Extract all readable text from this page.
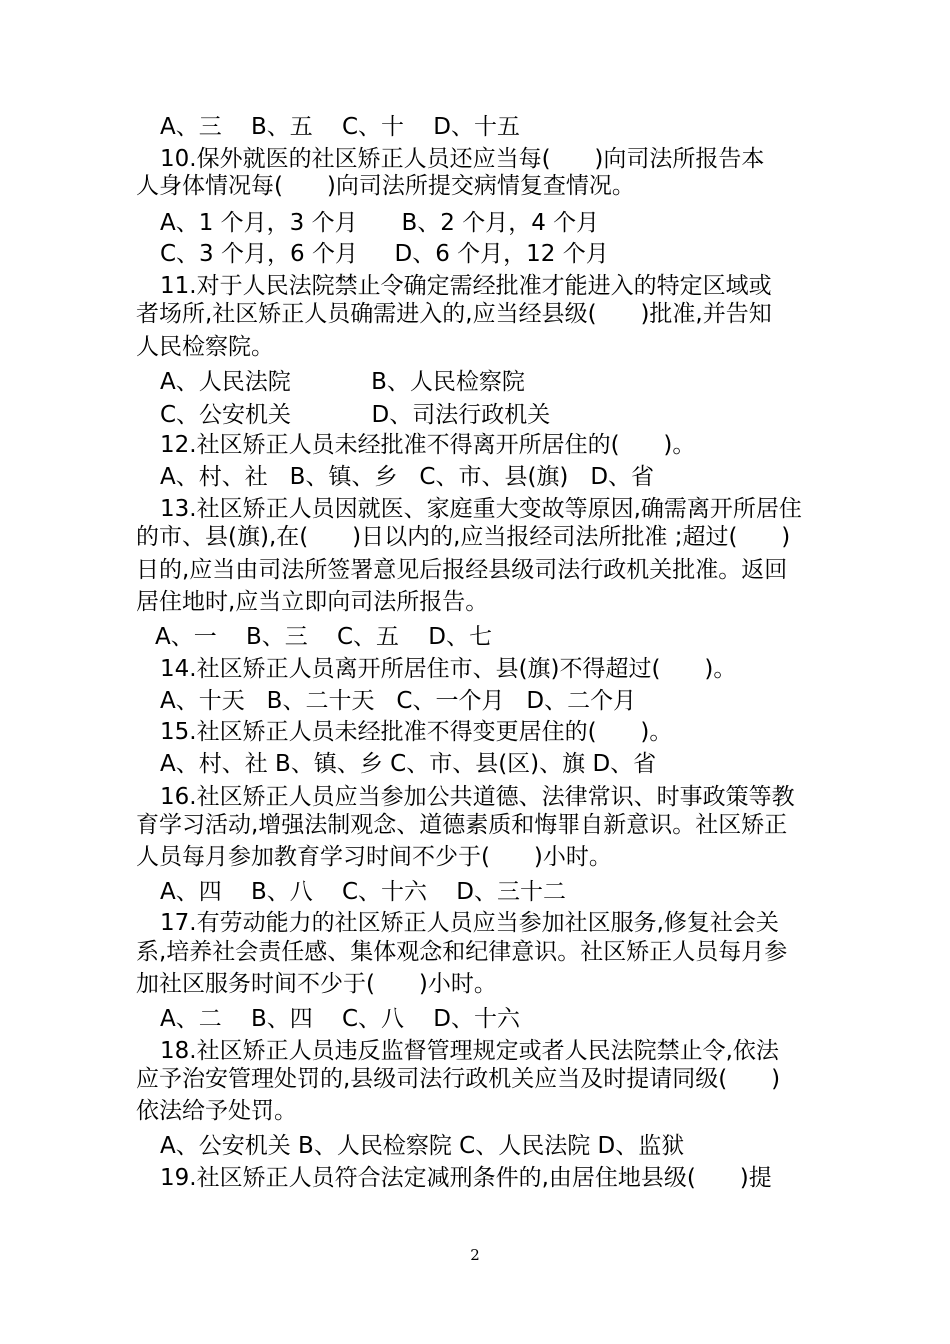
A、三    B、五    C、十    D、十五
10.保外就医的社区矫正人员还应当每(      )向司法所报告本
人身体情况每(      )向司法所提交病情复查情况。
A、1 个月，3 个月      B、2 个月，4 个月
C、3 个月，6 个月     D、6 个月，12 个月
11.对于人民法院禁止令确定需经批准才能进入的特定区域或
者场所,社区矫正人员确需进入的,应当经县级(      )批准,并告知
人民检察院。
A、人民法院           B、人民检察院
C、公安机关           D、司法行政机关
12.社区矫正人员未经批准不得离开所居住的(      )。
A、村、社   B、镇、乡   C、市、县(旗)   D、省
13.社区矫正人员因就医、家庭重大变故等原因,确需离开所居住
的市、县(旗),在(      )日以内的,应当报经司法所批准 ;超过(      )
日的,应当由司法所签署意见后报经县级司法行政机关批准。返回
居住地时,应当立即向司法所报告。
A、一    B、三    C、五    D、七
14.社区矫正人员离开所居住市、县(旗)不得超过(      )。
A、十天   B、二十天   C、一个月   D、二个月
15.社区矫正人员未经批准不得变更居住的(      )。
A、村、社 B、镇、乡 C、市、县(区)、旗 D、省
16.社区矫正人员应当参加公共道德、法律常识、时事政策等教
育学习活动,增强法制观念、道德素质和悔罪自新意识。社区矫正
人员每月参加教育学习时间不少于(      )小时。
A、四    B、八    C、十六    D、三十二
17.有劳动能力的社区矫正人员应当参加社区服务,修复社会关
系,培养社会责任感、集体观念和纪律意识。社区矫正人员每月参
加社区服务时间不少于(      )小时。
A、二    B、四    C、八    D、十六
18.社区矫正人员违反监督管理规定或者人民法院禁止令,依法
应予治安管理处罚的,县级司法行政机关应当及时提请同级(      )
依法给予处罚。
A、公安机关 B、人民检察院 C、人民法院 D、监狱
19.社区矫正人员符合法定减刑条件的,由居住地县级(      )提
2
